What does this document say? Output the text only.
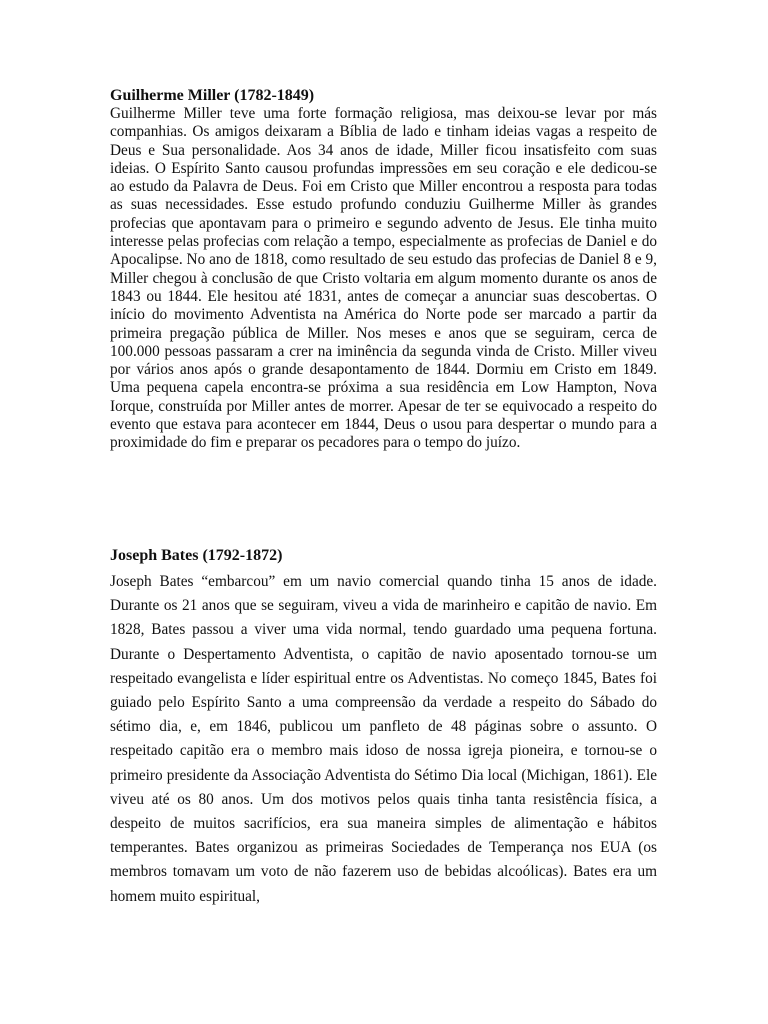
Guilherme Miller (1782-1849)

Guilherme Miller teve uma forte formação religiosa, mas deixou-se levar por más companhias. Os amigos deixaram a Bíblia de lado e tinham ideias vagas a respeito de Deus e Sua personalidade. Aos 34 anos de idade, Miller ficou insatisfeito com suas ideias. O Espírito Santo causou profundas impressões em seu coração e ele dedicou-se ao estudo da Palavra de Deus. Foi em Cristo que Miller encontrou a resposta para todas as suas necessidades. Esse estudo profundo conduziu Guilherme Miller às grandes profecias que apontavam para o primeiro e segundo advento de Jesus. Ele tinha muito interesse pelas profecias com relação a tempo, especialmente as profecias de Daniel e do Apocalipse. No ano de 1818, como resultado de seu estudo das profecias de Daniel 8 e 9, Miller chegou à conclusão de que Cristo voltaria em algum momento durante os anos de 1843 ou 1844. Ele hesitou até 1831, antes de começar a anunciar suas descobertas. O início do movimento Adventista na América do Norte pode ser marcado a partir da primeira pregação pública de Miller. Nos meses e anos que se seguiram, cerca de 100.000 pessoas passaram a crer na iminência da segunda vinda de Cristo. Miller viveu por vários anos após o grande desapontamento de 1844. Dormiu em Cristo em 1849. Uma pequena capela encontra-se próxima a sua residência em Low Hampton, Nova Iorque, construída por Miller antes de morrer. Apesar de ter se equivocado a respeito do evento que estava para acontecer em 1844, Deus o usou para despertar o mundo para a proximidade do fim e preparar os pecadores para o tempo do juízo.

Joseph Bates (1792-1872)

Joseph Bates “embarcou” em um navio comercial quando tinha 15 anos de idade. Durante os 21 anos que se seguiram, viveu a vida de marinheiro e capitão de navio. Em 1828, Bates passou a viver uma vida normal, tendo guardado uma pequena fortuna. Durante o Despertamento Adventista, o capitão de navio aposentado tornou-se um respeitado evangelista e líder espiritual entre os Adventistas. No começo 1845, Bates foi guiado pelo Espírito Santo a uma compreensão da verdade a respeito do Sábado do sétimo dia, e, em 1846, publicou um panfleto de 48 páginas sobre o assunto. O respeitado capitão era o membro mais idoso de nossa igreja pioneira, e tornou-se o primeiro presidente da Associação Adventista do Sétimo Dia local (Michigan, 1861). Ele viveu até os 80 anos. Um dos motivos pelos quais tinha tanta resistência física, a despeito de muitos sacrifícios, era sua maneira simples de alimentação e hábitos temperantes. Bates organizou as primeiras Sociedades de Temperança nos EUA (os membros tomavam um voto de não fazerem uso de bebidas alcoólicas). Bates era um homem muito espiritual,
